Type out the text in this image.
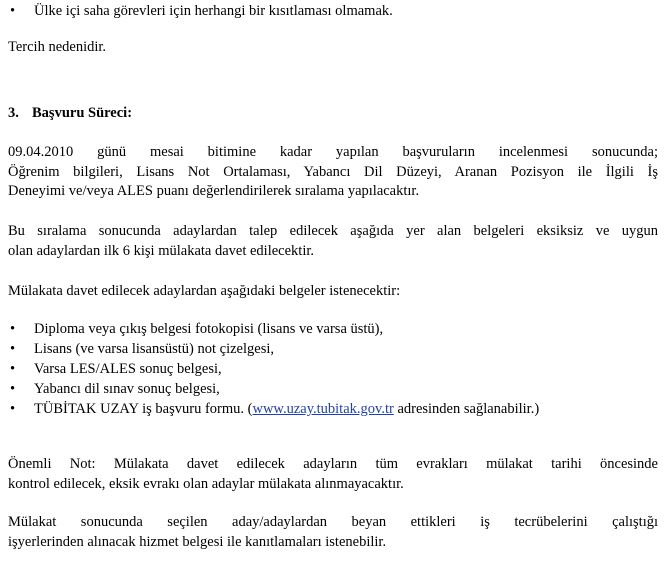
• Ülke içi saha görevleri için herhangi bir kısıtlaması olmamak.

Tercih nedenidir.

3. Başvuru Süreci:
09.04.2010 günü mesai bitimine kadar yapılan başvuruların incelenmesi sonucunda;
Öğrenim bilgileri, Lisans Not Ortalaması, Yabancı Dil Düzeyi, Aranan Pozisyon ile İlgili İş
Deneyimi ve/veya ALES puanı değerlendirilerek sıralama yapılacaktır.
Bu sıralama sonucunda adaylardan talep edilecek aşağıda yer alan belgeleri eksiksiz ve uygun
olan adaylardan ilk 6 kişi mülakata davet edilecektir.

Mülakata davet edilecek adaylardan aşağıdaki belgeler istenecektir:

• Diploma veya çıkış belgesi fotokopisi (lisans ve varsa üstü),
• Lisans (ve varsa lisansüstü) not çizelgesi,
• Varsa LES/ALES sonuç belgesi,
• Yabancı dil sınav sonuç belgesi,
• TÜBİTAK UZAY iş başvuru formu. (www.uzay.tubitak.gov.tr adresinden sağlanabilir.)
Önemli Not: Mülakata davet edilecek adayların tüm evrakları mülakat tarihi öncesinde
kontrol edilecek, eksik evrakı olan adaylar mülakata alınmayacaktır.
Mülakat sonucunda seçilen aday/adaylardan beyan ettikleri iş tecrübelerini çalıştığı
işyerlerinden alınacak hizmet belgesi ile kanıtlamaları istenebilir.
